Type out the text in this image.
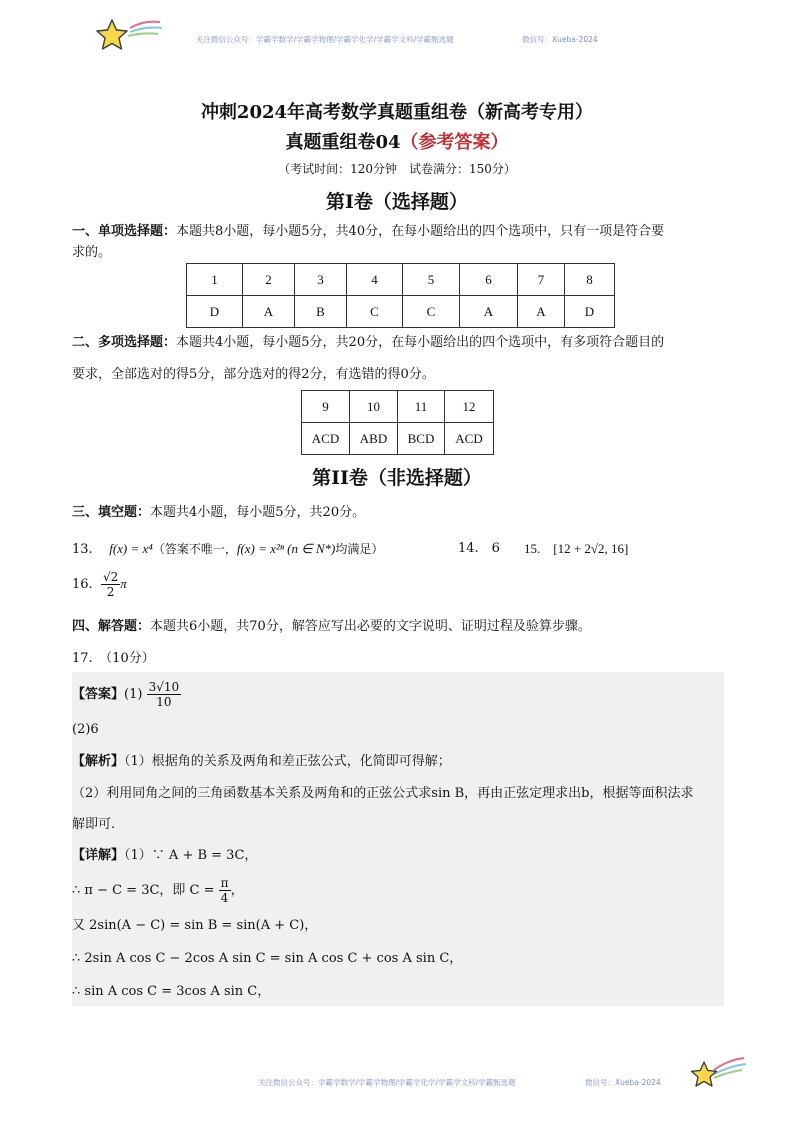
关注微信公众号：学霸学数学/学霸学物理/学霸学化学/学霸学文科/学霸甄选题	微信号：Xueba-2024
冲刺2024年高考数学真题重组卷（新高考专用）
真题重组卷04（参考答案）
（考试时间：120分钟　试卷满分：150分）
第I卷（选择题）
一、单项选择题：本题共8小题，每小题5分，共40分，在每小题给出的四个选项中，只有一项是符合要
求的。
1	2	3	4	5	6	7	8
D	A	B	C	C	A	A	D
二、多项选择题：本题共4小题，每小题5分，共20分，在每小题给出的四个选项中，有多项符合题目的
要求，全部选对的得5分，部分选对的得2分，有选错的得0分。
9	10	11	12
ACD	ABD	BCD	ACD
第II卷（非选择题）
三、填空题：本题共4小题，每小题5分，共20分。
13. f(x) = x⁴（答案不唯一，f(x) = x²ⁿ (n ∈ N*)均满足）	14.　6 15.　[12 + 2√2, 16]
16. $\frac{√2}{2}$ π
四、解答题：本题共6小题，共70分，解答应写出必要的文字说明、证明过程及验算步骤。
17.　（10分）
【答案】$(1) \frac{3√10}{10}$
(2)6
【解析】（1）根据角的关系及两角和差正弦公式，化简即可得解；
（2）利用同角之间的三角函数基本关系及两角和的正弦公式求sin B，再由正弦定理求出b，根据等面积法求
解即可.
【详解】（1）∵ A + B = 3C，
∴ π − C = 3C，即 $C = \frac{\pi}{4}$ ，
又 2sin(A − C) = sin B = sin(A + C)，
∴ 2sin A cos C − 2cos A sin C = sin A cos C + cos A sin C，
∴ sin A cos C = 3cos A sin C，
关注微信公众号：学霸学数学/学霸学物理/学霸学化学/学霸学文科/学霸甄选题	微信号：Xueba-2024
